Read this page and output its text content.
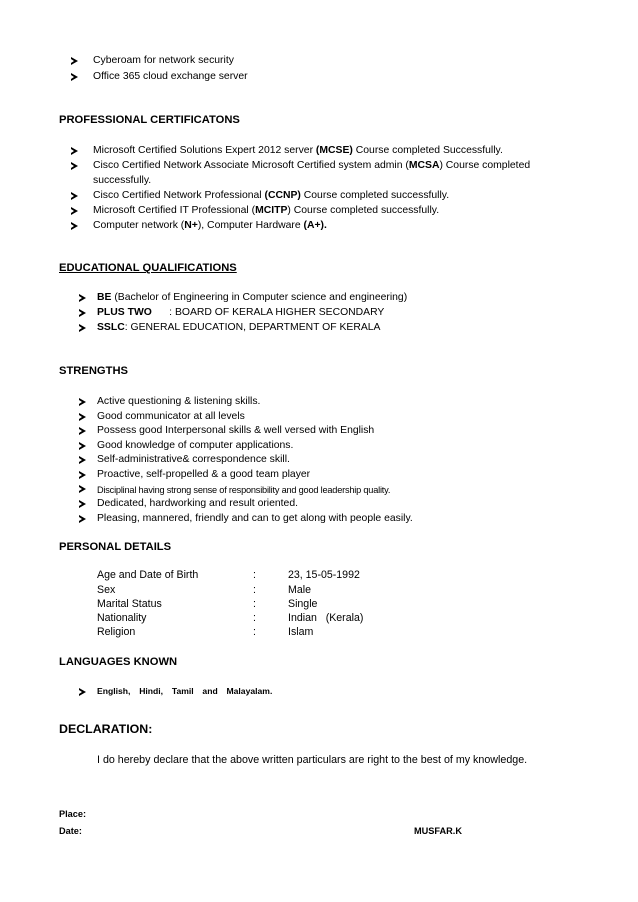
Cyberoam for network security
Office 365 cloud exchange server
PROFESSIONAL CERTIFICATONS
Microsoft Certified Solutions Expert 2012 server (MCSE) Course completed Successfully.
Cisco Certified Network Associate Microsoft Certified system admin (MCSA) Course completed
successfully.
Cisco Certified Network Professional (CCNP) Course completed successfully.
Microsoft Certified IT Professional (MCITP) Course completed successfully.
Computer network (N+), Computer Hardware (A+).
EDUCATIONAL QUALIFICATIONS
BE (Bachelor of Engineering in Computer science and engineering)
PLUS TWO      : BOARD OF KERALA HIGHER SECONDARY
SSLC: GENERAL EDUCATION, DEPARTMENT OF KERALA
STRENGTHS
Active questioning & listening skills.
Good communicator at all levels
Possess good Interpersonal skills & well versed with English
Good knowledge of computer applications.
Self-administrative& correspondence skill.
Proactive, self-propelled & a good team player
Disciplinal having strong sense of responsibility and good leadership quality.
Dedicated, hardworking and result oriented.
Pleasing, mannered, friendly and can to get along with people easily.
PERSONAL DETAILS
Age and Date of Birth	:	23, 15-05-1992
Sex	:	Male
Marital Status	:	Single
Nationality	:	Indian   (Kerala)
Religion	:	Islam
LANGUAGES KNOWN
English,  Hindi,  Tamil  and  Malayalam.
DECLARATION:
I do hereby declare that the above written particulars are right to the best of my knowledge.
Place:
Date:	MUSFAR.K
